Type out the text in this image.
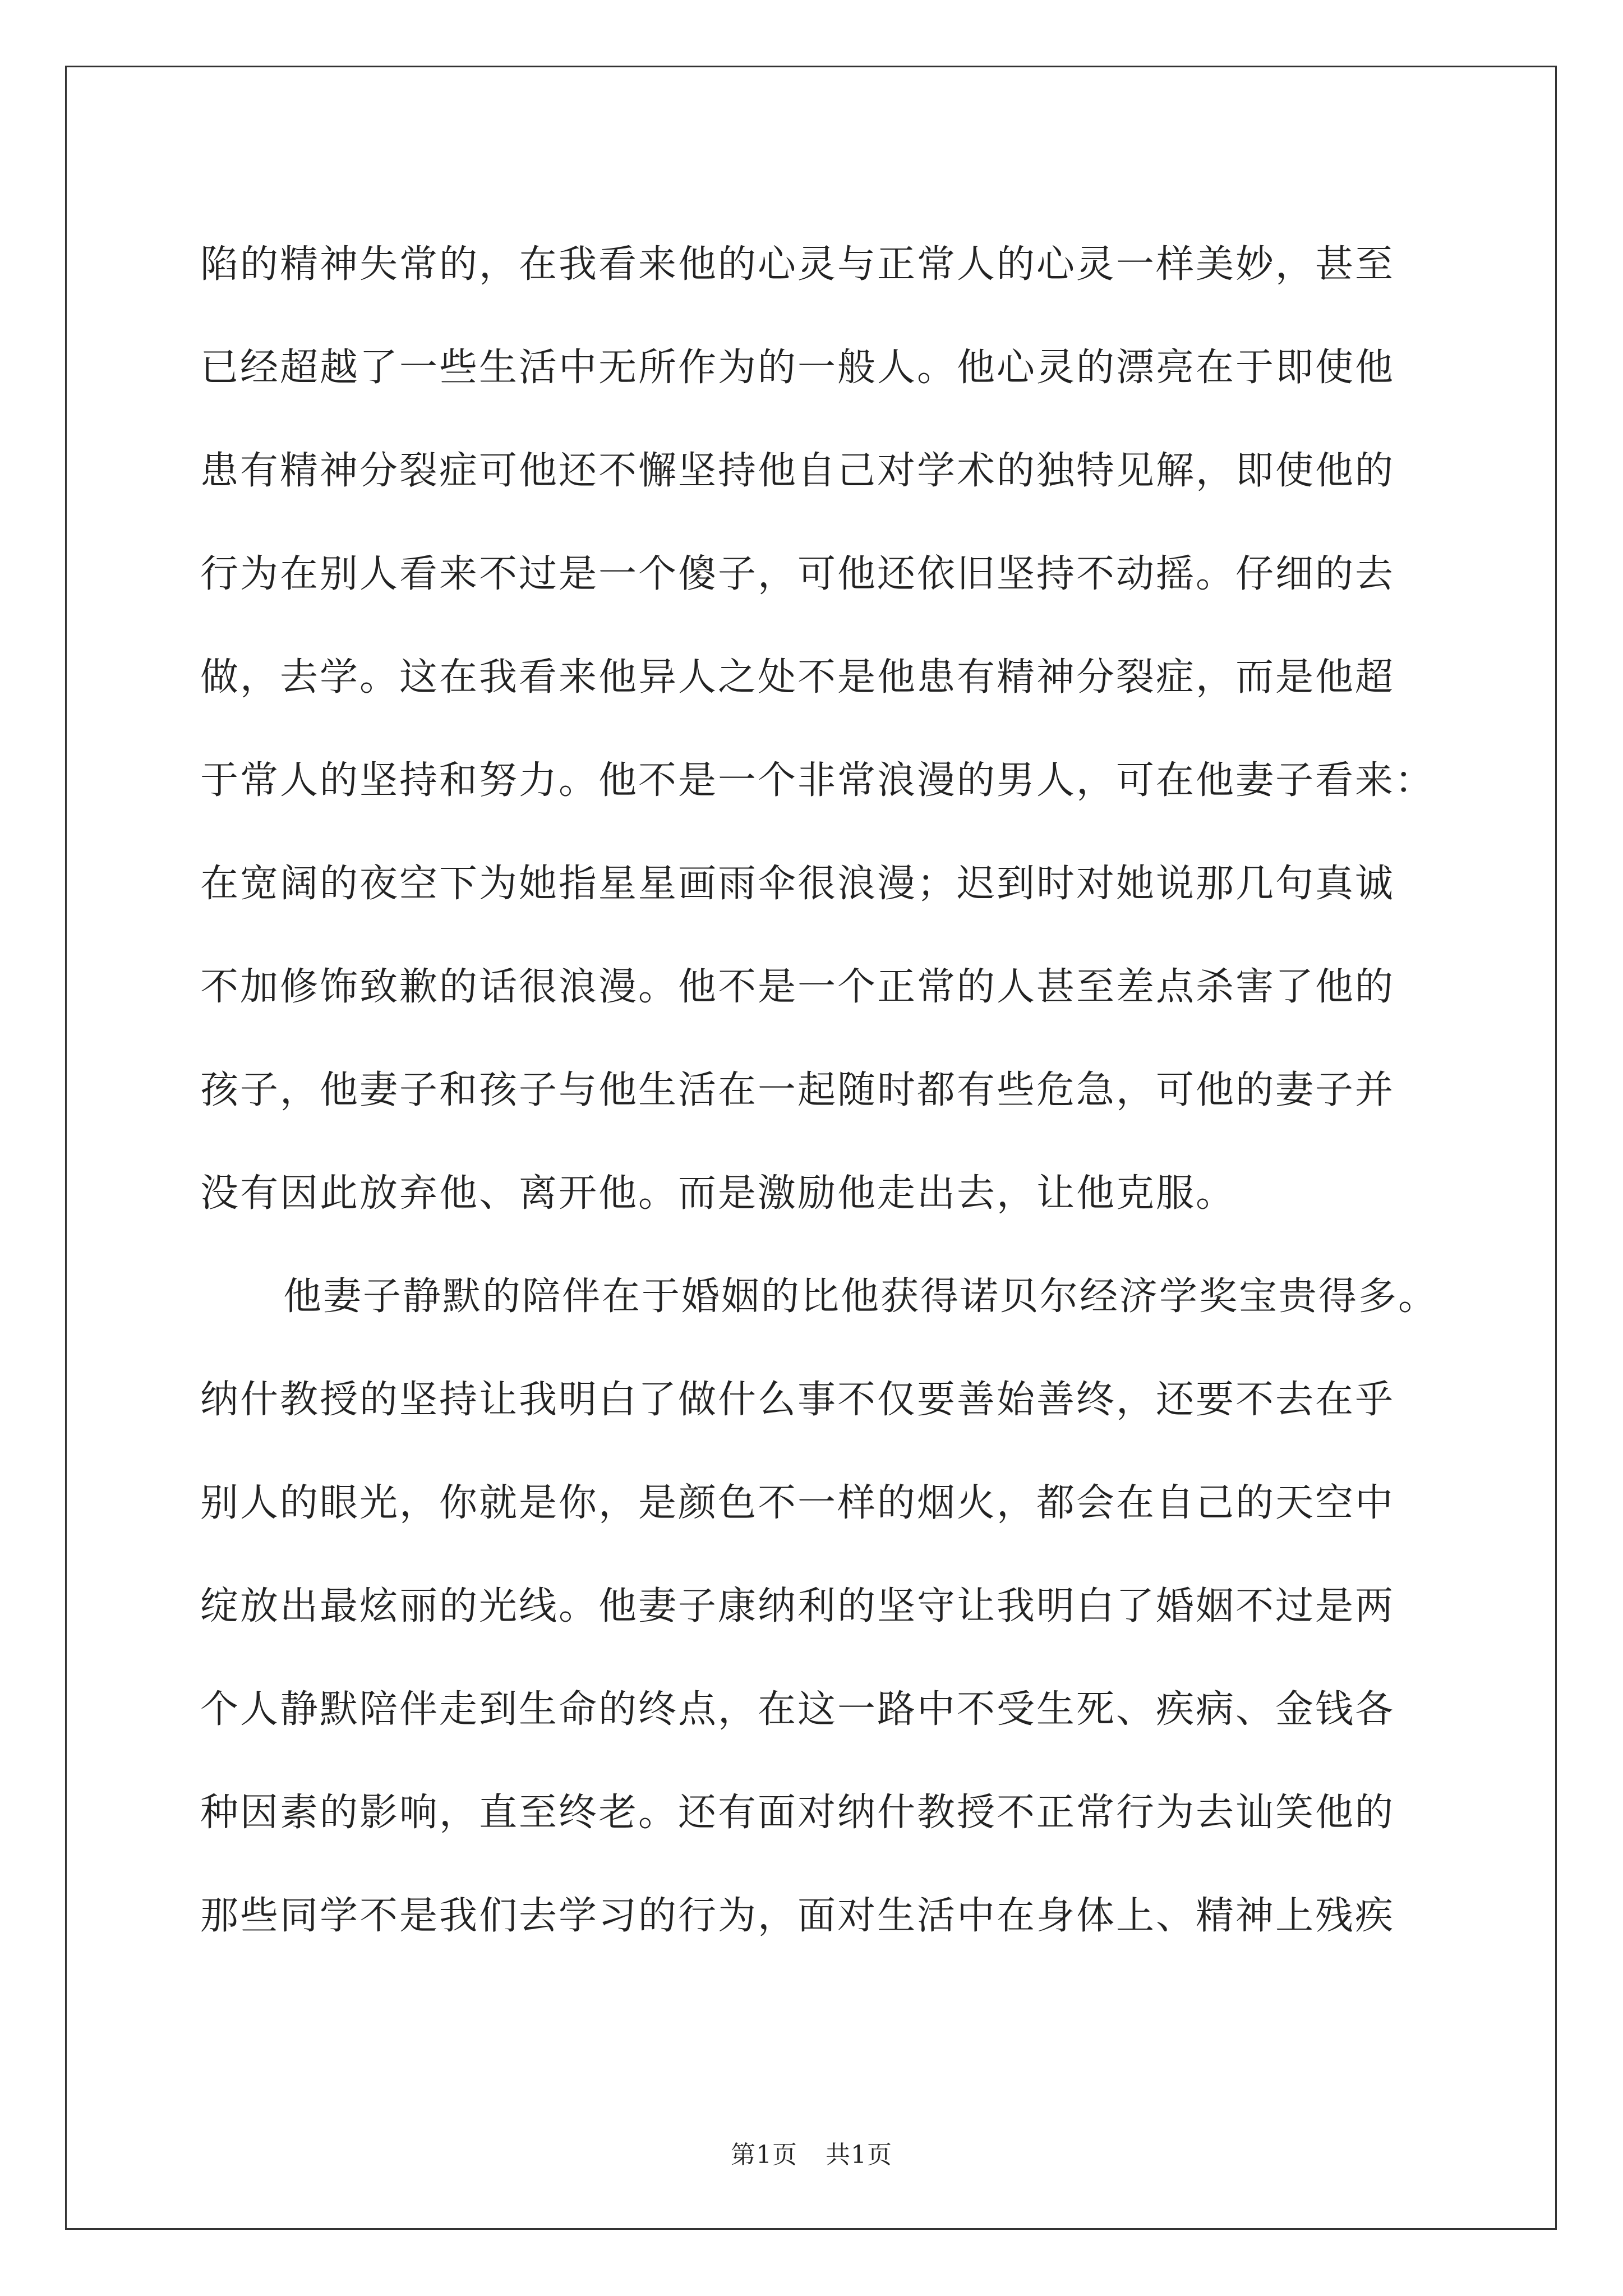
陷的精神失常的，在我看来他的心灵与正常人的心灵一样美妙，甚至
已经超越了一些生活中无所作为的一般人。他心灵的漂亮在于即使他
患有精神分裂症可他还不懈坚持他自己对学术的独特见解，即使他的
行为在别人看来不过是一个傻子，可他还依旧坚持不动摇。仔细的去
做，去学。这在我看来他异人之处不是他患有精神分裂症，而是他超
于常人的坚持和努力。他不是一个非常浪漫的男人，可在他妻子看来：
在宽阔的夜空下为她指星星画雨伞很浪漫；迟到时对她说那几句真诚
不加修饰致歉的话很浪漫。他不是一个正常的人甚至差点杀害了他的
孩子，他妻子和孩子与他生活在一起随时都有些危急，可他的妻子并
没有因此放弃他、离开他。而是激励他走出去，让他克服。
他妻子静默的陪伴在于婚姻的比他获得诺贝尔经济学奖宝贵得多。
纳什教授的坚持让我明白了做什么事不仅要善始善终，还要不去在乎
别人的眼光，你就是你，是颜色不一样的烟火，都会在自己的天空中
绽放出最炫丽的光线。他妻子康纳利的坚守让我明白了婚姻不过是两
个人静默陪伴走到生命的终点，在这一路中不受生死、疾病、金钱各
种因素的影响，直至终老。还有面对纳什教授不正常行为去讪笑他的
那些同学不是我们去学习的行为，面对生活中在身体上、精神上残疾
第1页 共1页
